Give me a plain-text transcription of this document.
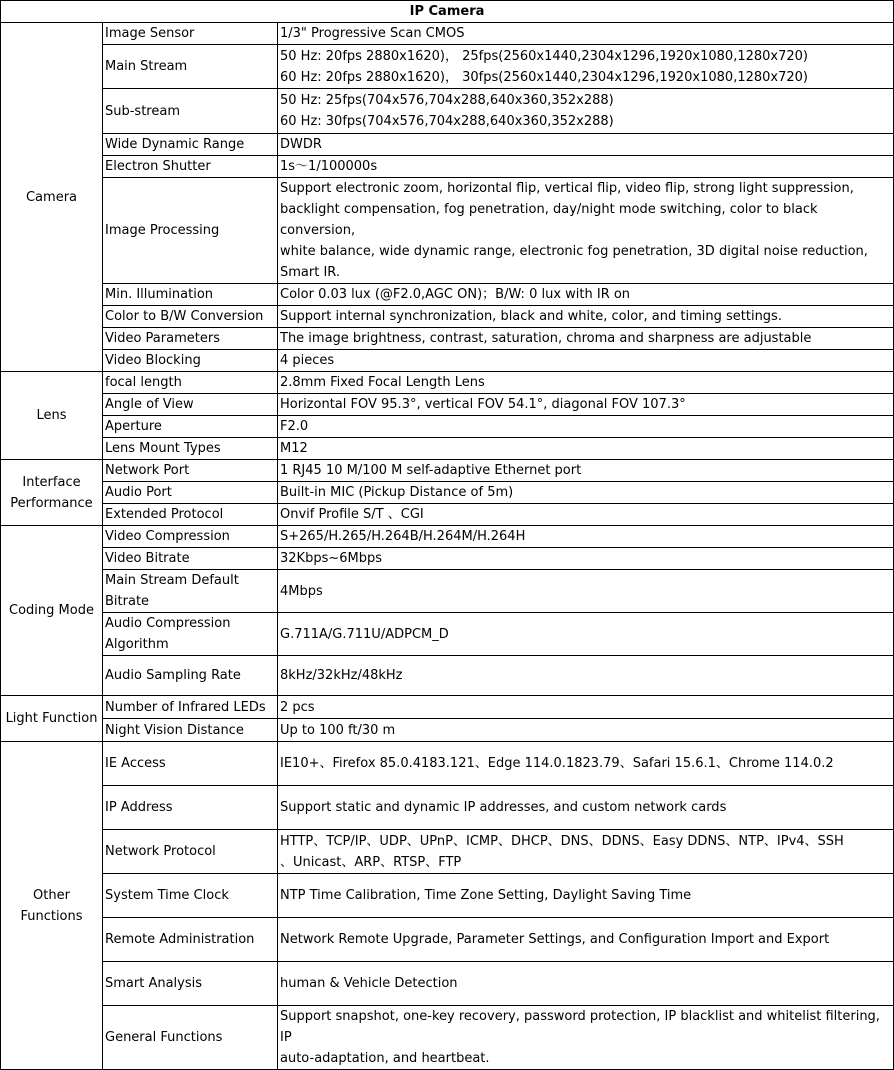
IP Camera		
Camera	Image Sensor	1/3" Progressive Scan CMOS

	Main Stream	50 Hz: 20fps 2880x1620)， 25fps(2560x1440,2304x1296,1920x1080,1280x720)
60 Hz: 20fps 2880x1620)， 30fps(2560x1440,2304x1296,1920x1080,1280x720)

	Sub-stream	50 Hz: 25fps(704x576,704x288,640x360,352x288)
60 Hz: 30fps(704x576,704x288,640x360,352x288)

	Wide Dynamic Range	DWDR

	Electron Shutter	1s～1/100000s

	Image Processing	Support electronic zoom, horizontal flip, vertical flip, video flip, strong light suppression,
backlight compensation, fog penetration, day/night mode switching, color to black conversion,
white balance, wide dynamic range, electronic fog penetration, 3D digital noise reduction,
Smart IR.

	Min. Illumination	Color 0.03 lux (@F2.0,AGC ON)；B/W: 0 lux with IR on

	Color to B/W Conversion	Support internal synchronization, black and white, color, and timing settings.

	Video Parameters	The image brightness, contrast, saturation, chroma and sharpness are adjustable

	Video Blocking	4 pieces

Lens	focal length	2.8mm Fixed Focal Length Lens

	Angle of View	Horizontal FOV 95.3°, vertical FOV 54.1°, diagonal FOV 107.3°

	Aperture	F2.0

	Lens Mount Types	M12

Interface Performance	Network Port	1 RJ45 10 M/100 M self-adaptive Ethernet port

	Audio Port	Built-in MIC (Pickup Distance of 5m)

	Extended Protocol	Onvif Profile S/T 、CGI

Coding Mode	Video Compression	S+265/H.265/H.264B/H.264M/H.264H

	Video Bitrate	32Kbps~6Mbps

	Main Stream Default Bitrate	4Mbps

	Audio Compression Algorithm	G.711A/G.711U/ADPCM_D

	Audio Sampling Rate	8kHz/32kHz/48kHz

Light Function	Number of Infrared LEDs	2 pcs

	Night Vision Distance	Up to 100 ft/30 m

Other Functions	IE Access	IE10+、Firefox 85.0.4183.121、Edge 114.0.1823.79、Safari 15.6.1、Chrome 114.0.2

	IP Address	Support static and dynamic IP addresses, and custom network cards

	Network Protocol	HTTP、TCP/IP、UDP、UPnP、ICMP、DHCP、DNS、DDNS、Easy DDNS、NTP、IPv4、SSH
、Unicast、ARP、RTSP、FTP

	System Time Clock	NTP Time Calibration, Time Zone Setting, Daylight Saving Time

	Remote Administration	Network Remote Upgrade, Parameter Settings, and Configuration Import and Export

	Smart Analysis	human & Vehicle Detection

	General Functions	Support snapshot, one-key recovery, password protection, IP blacklist and whitelist filtering, IP
auto-adaptation, and heartbeat.
